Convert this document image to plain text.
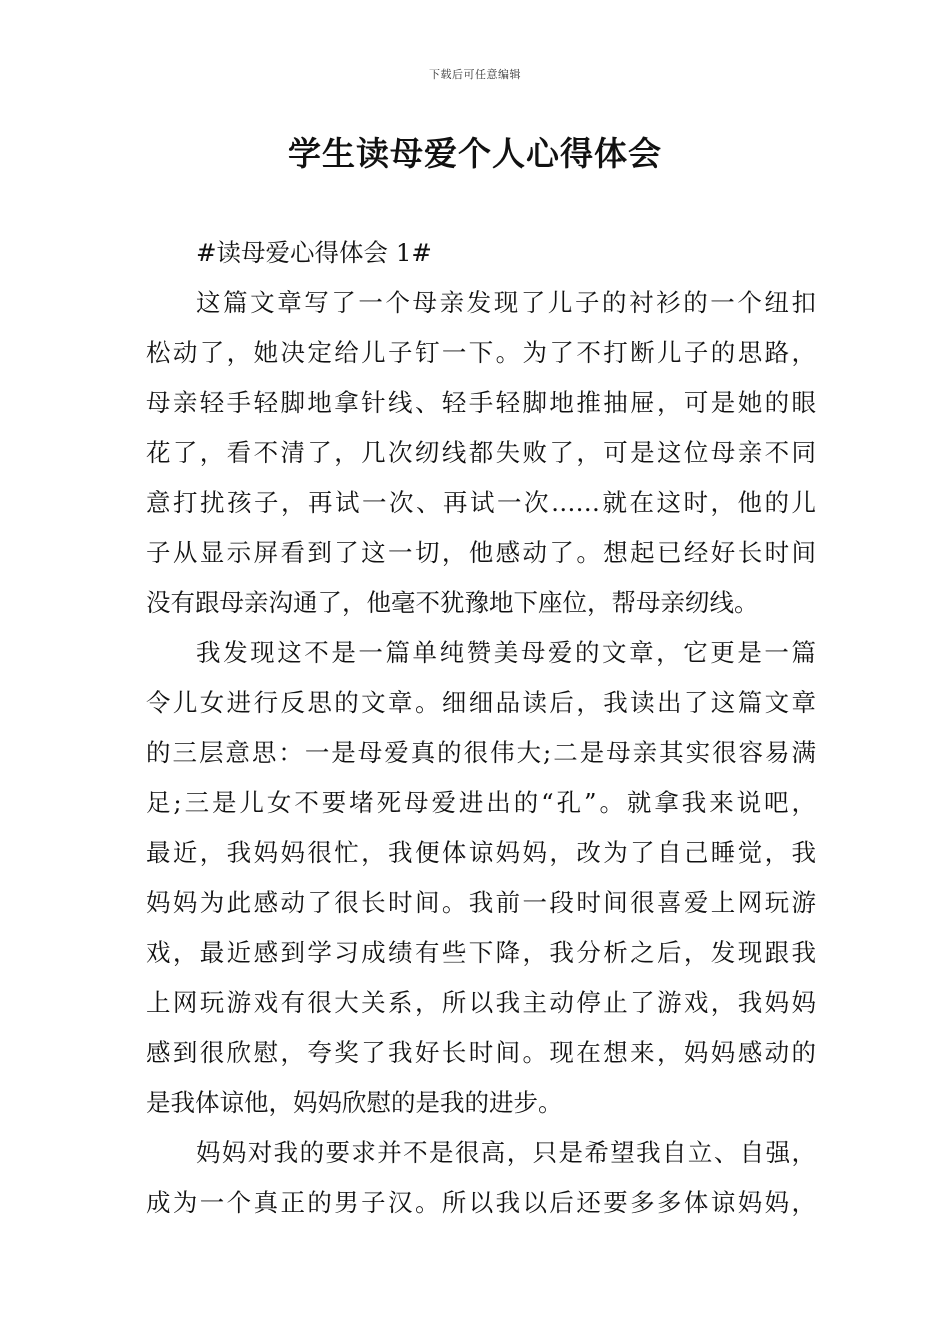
下载后可任意编辑
学生读母爱个人心得体会
#读母爱心得体会 1#
这篇文章写了一个母亲发现了儿子的衬衫的一个纽扣
松动了，她决定给儿子钉一下。为了不打断儿子的思路，
母亲轻手轻脚地拿针线、轻手轻脚地推抽屉，可是她的眼
花了，看不清了，几次纫线都失败了，可是这位母亲不同
意打扰孩子，再试一次、再试一次……就在这时，他的儿
子从显示屏看到了这一切，他感动了。想起已经好长时间
没有跟母亲沟通了，他毫不犹豫地下座位，帮母亲纫线。
我发现这不是一篇单纯赞美母爱的文章，它更是一篇
令儿女进行反思的文章。细细品读后，我读出了这篇文章
的三层意思：一是母爱真的很伟大;二是母亲其实很容易满
足;三是儿女不要堵死母爱进出的“孔”。就拿我来说吧，
最近，我妈妈很忙，我便体谅妈妈，改为了自己睡觉，我
妈妈为此感动了很长时间。我前一段时间很喜爱上网玩游
戏，最近感到学习成绩有些下降，我分析之后，发现跟我
上网玩游戏有很大关系，所以我主动停止了游戏，我妈妈
感到很欣慰，夸奖了我好长时间。现在想来，妈妈感动的
是我体谅他，妈妈欣慰的是我的进步。
妈妈对我的要求并不是很高，只是希望我自立、自强，
成为一个真正的男子汉。所以我以后还要多多体谅妈妈，
